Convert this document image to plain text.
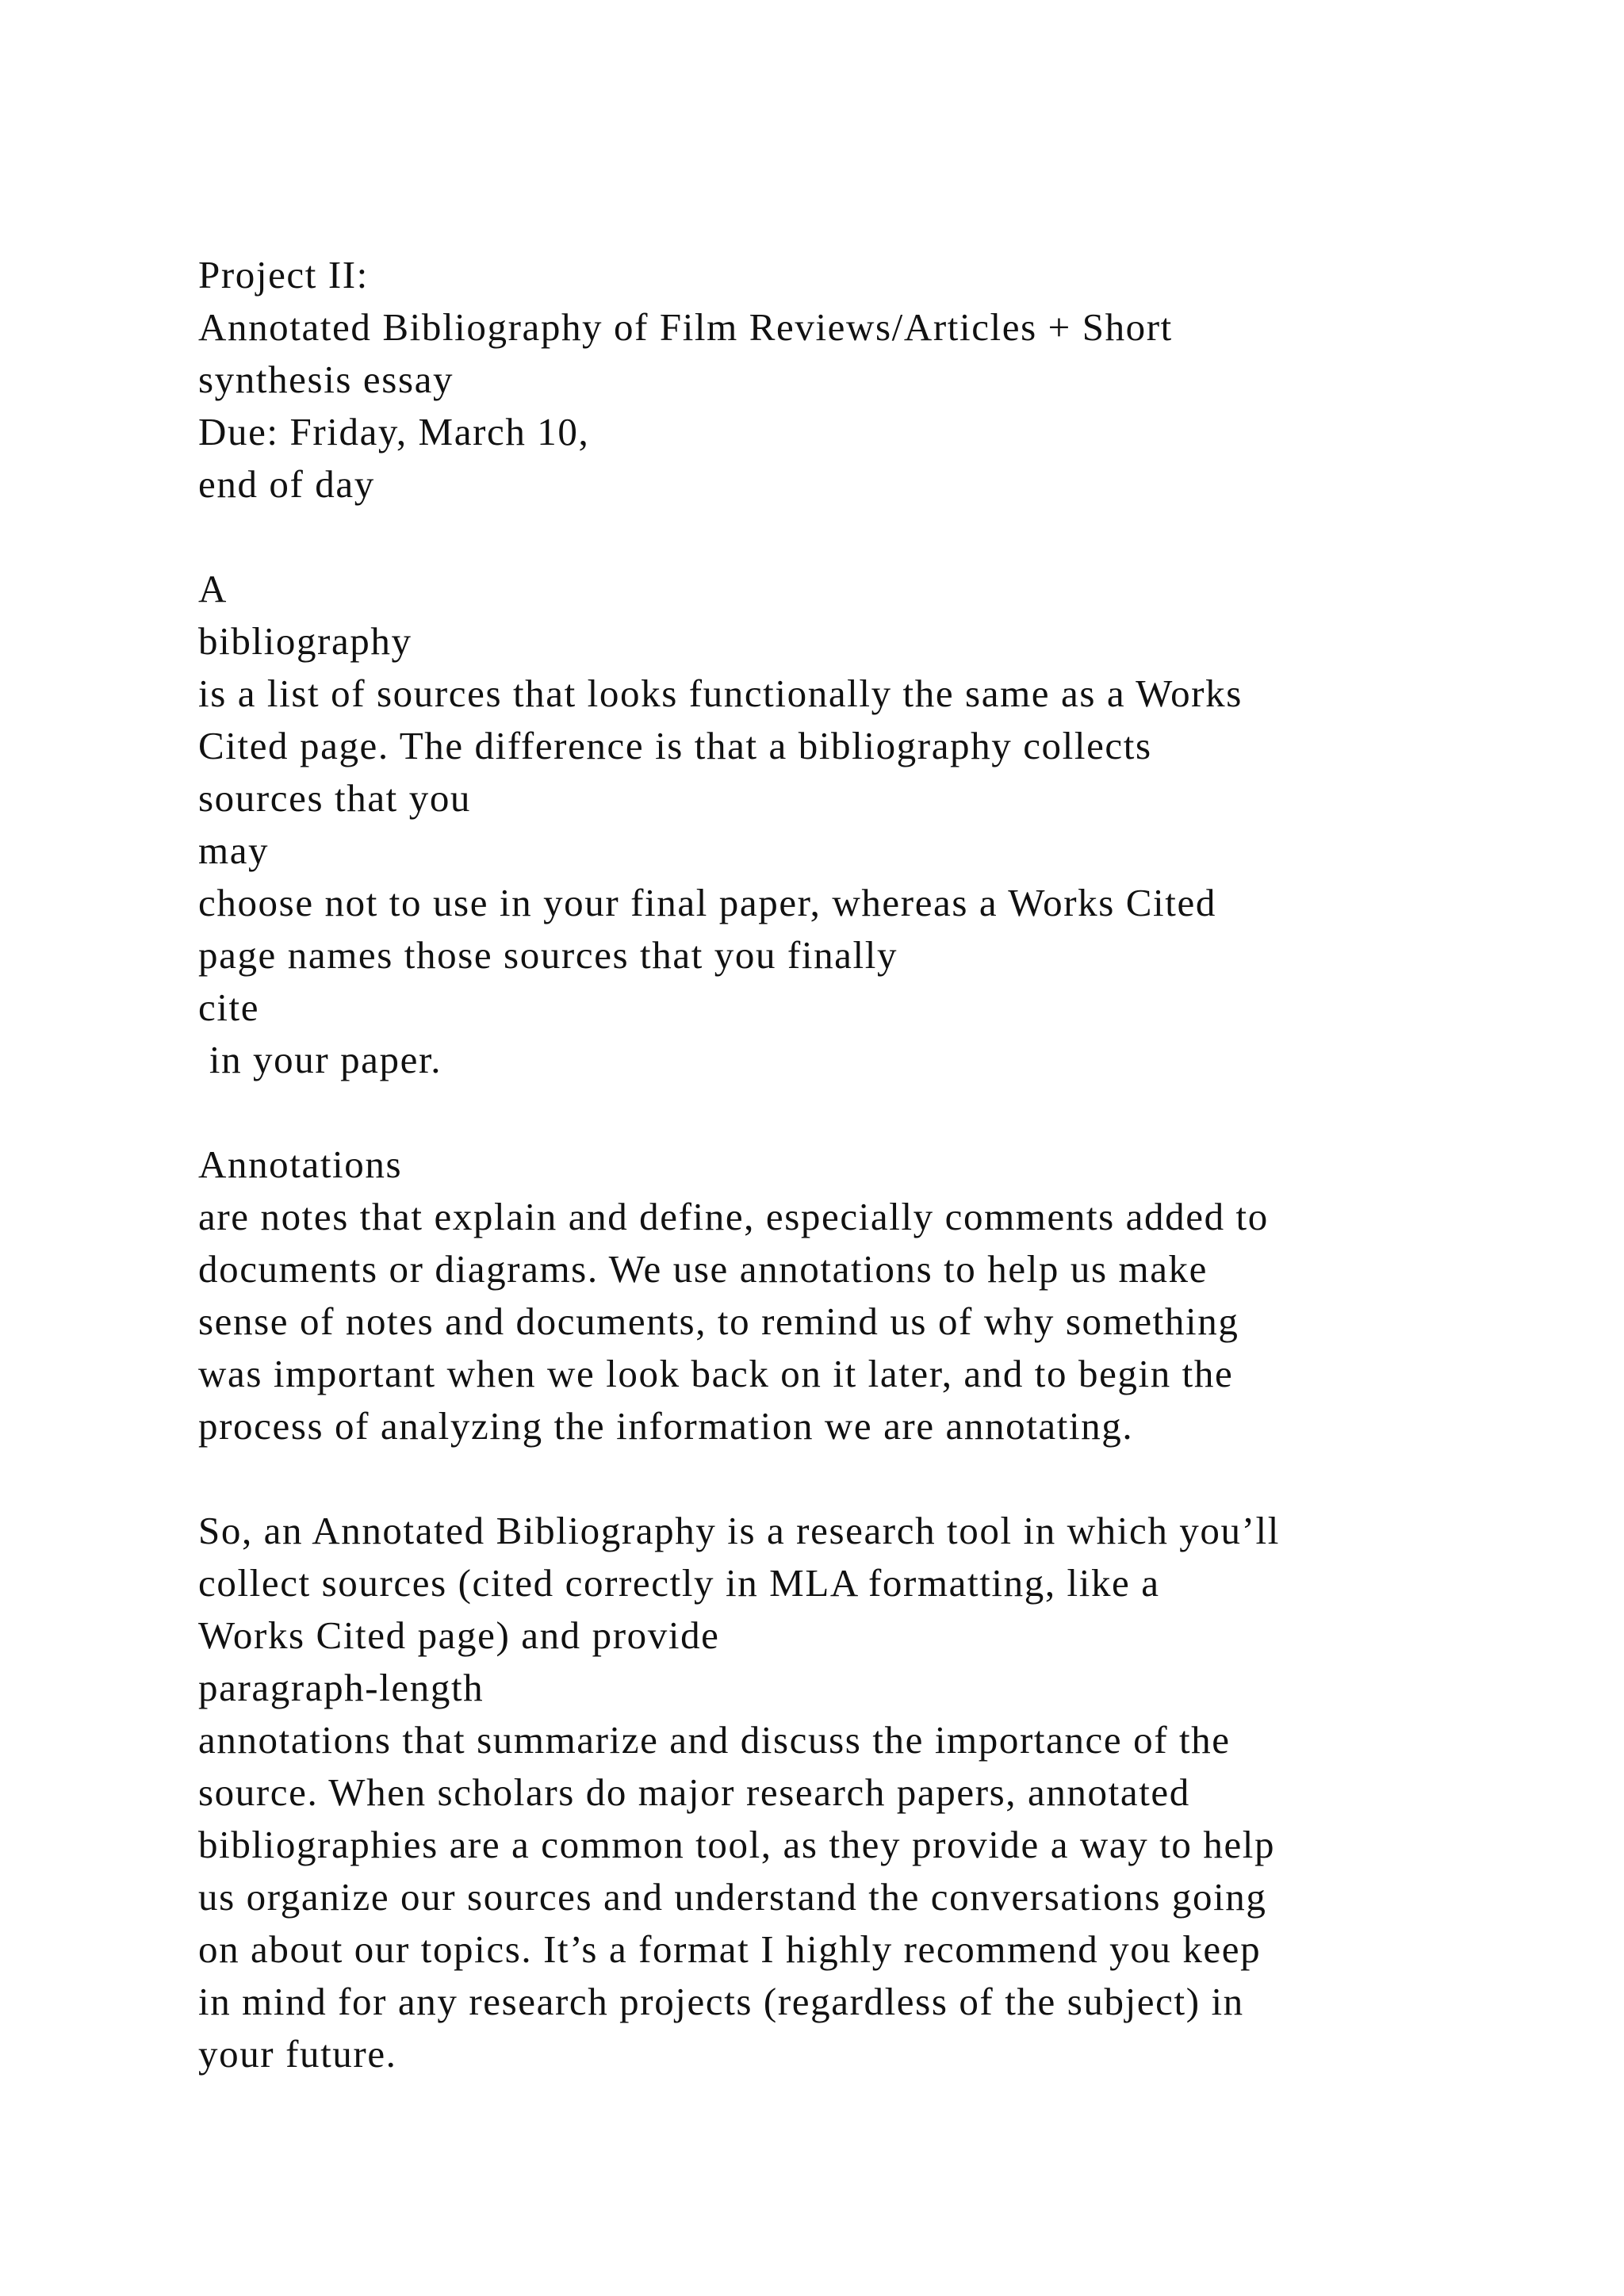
Project II:
Annotated Bibliography of Film Reviews/Articles + Short
synthesis essay
Due: Friday, March 10,
end of day
A
bibliography
is a list of sources that looks functionally the same as a Works
Cited page. The difference is that a bibliography collects
sources that you
may
choose not to use in your final paper, whereas a Works Cited
page names those sources that you finally
cite
in your paper.
Annotations
are notes that explain and define, especially comments added to
documents or diagrams. We use annotations to help us make
sense of notes and documents, to remind us of why something
was important when we look back on it later, and to begin the
process of analyzing the information we are annotating.
So, an Annotated Bibliography is a research tool in which you’ll
collect sources (cited correctly in MLA formatting, like a
Works Cited page) and provide
paragraph-length
annotations that summarize and discuss the importance of the
source. When scholars do major research papers, annotated
bibliographies are a common tool, as they provide a way to help
us organize our sources and understand the conversations going
on about our topics. It’s a format I highly recommend you keep
in mind for any research projects (regardless of the subject) in
your future.
